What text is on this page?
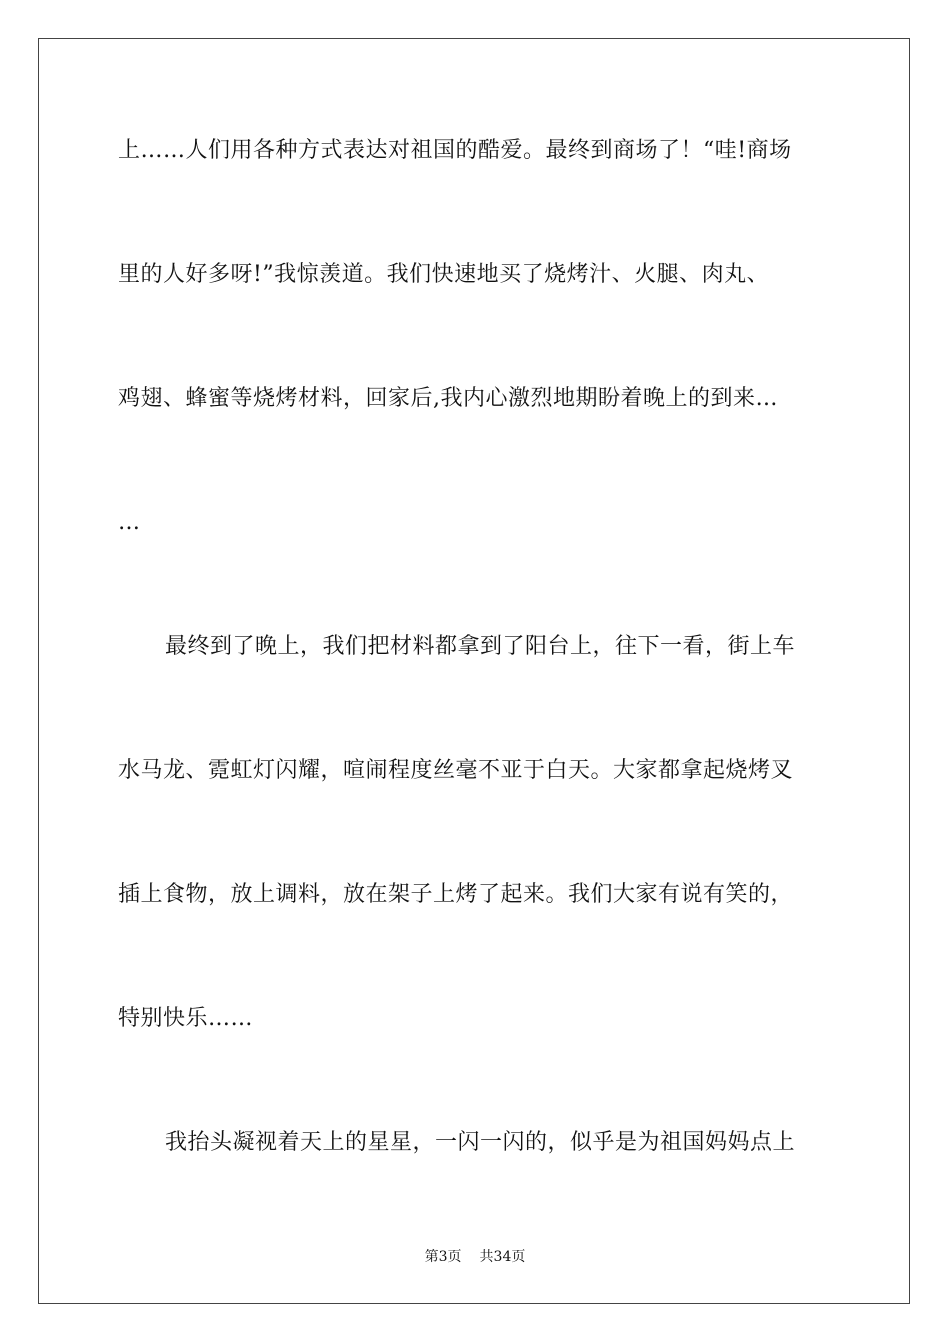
上……人们用各种方式表达对祖国的酷爱。最终到商场了！“哇!商场
里的人好多呀!”我惊羡道。我们快速地买了烧烤汁、火腿、肉丸、
鸡翅、蜂蜜等烧烤材料，回家后,我内心激烈地期盼着晚上的到来…
…
最终到了晚上，我们把材料都拿到了阳台上，往下一看，街上车
水马龙、霓虹灯闪耀，喧闹程度丝毫不亚于白天。大家都拿起烧烤叉
插上食物，放上调料，放在架子上烤了起来。我们大家有说有笑的，
特别快乐……
我抬头凝视着天上的星星，一闪一闪的，似乎是为祖国妈妈点上
第3页 共34页
